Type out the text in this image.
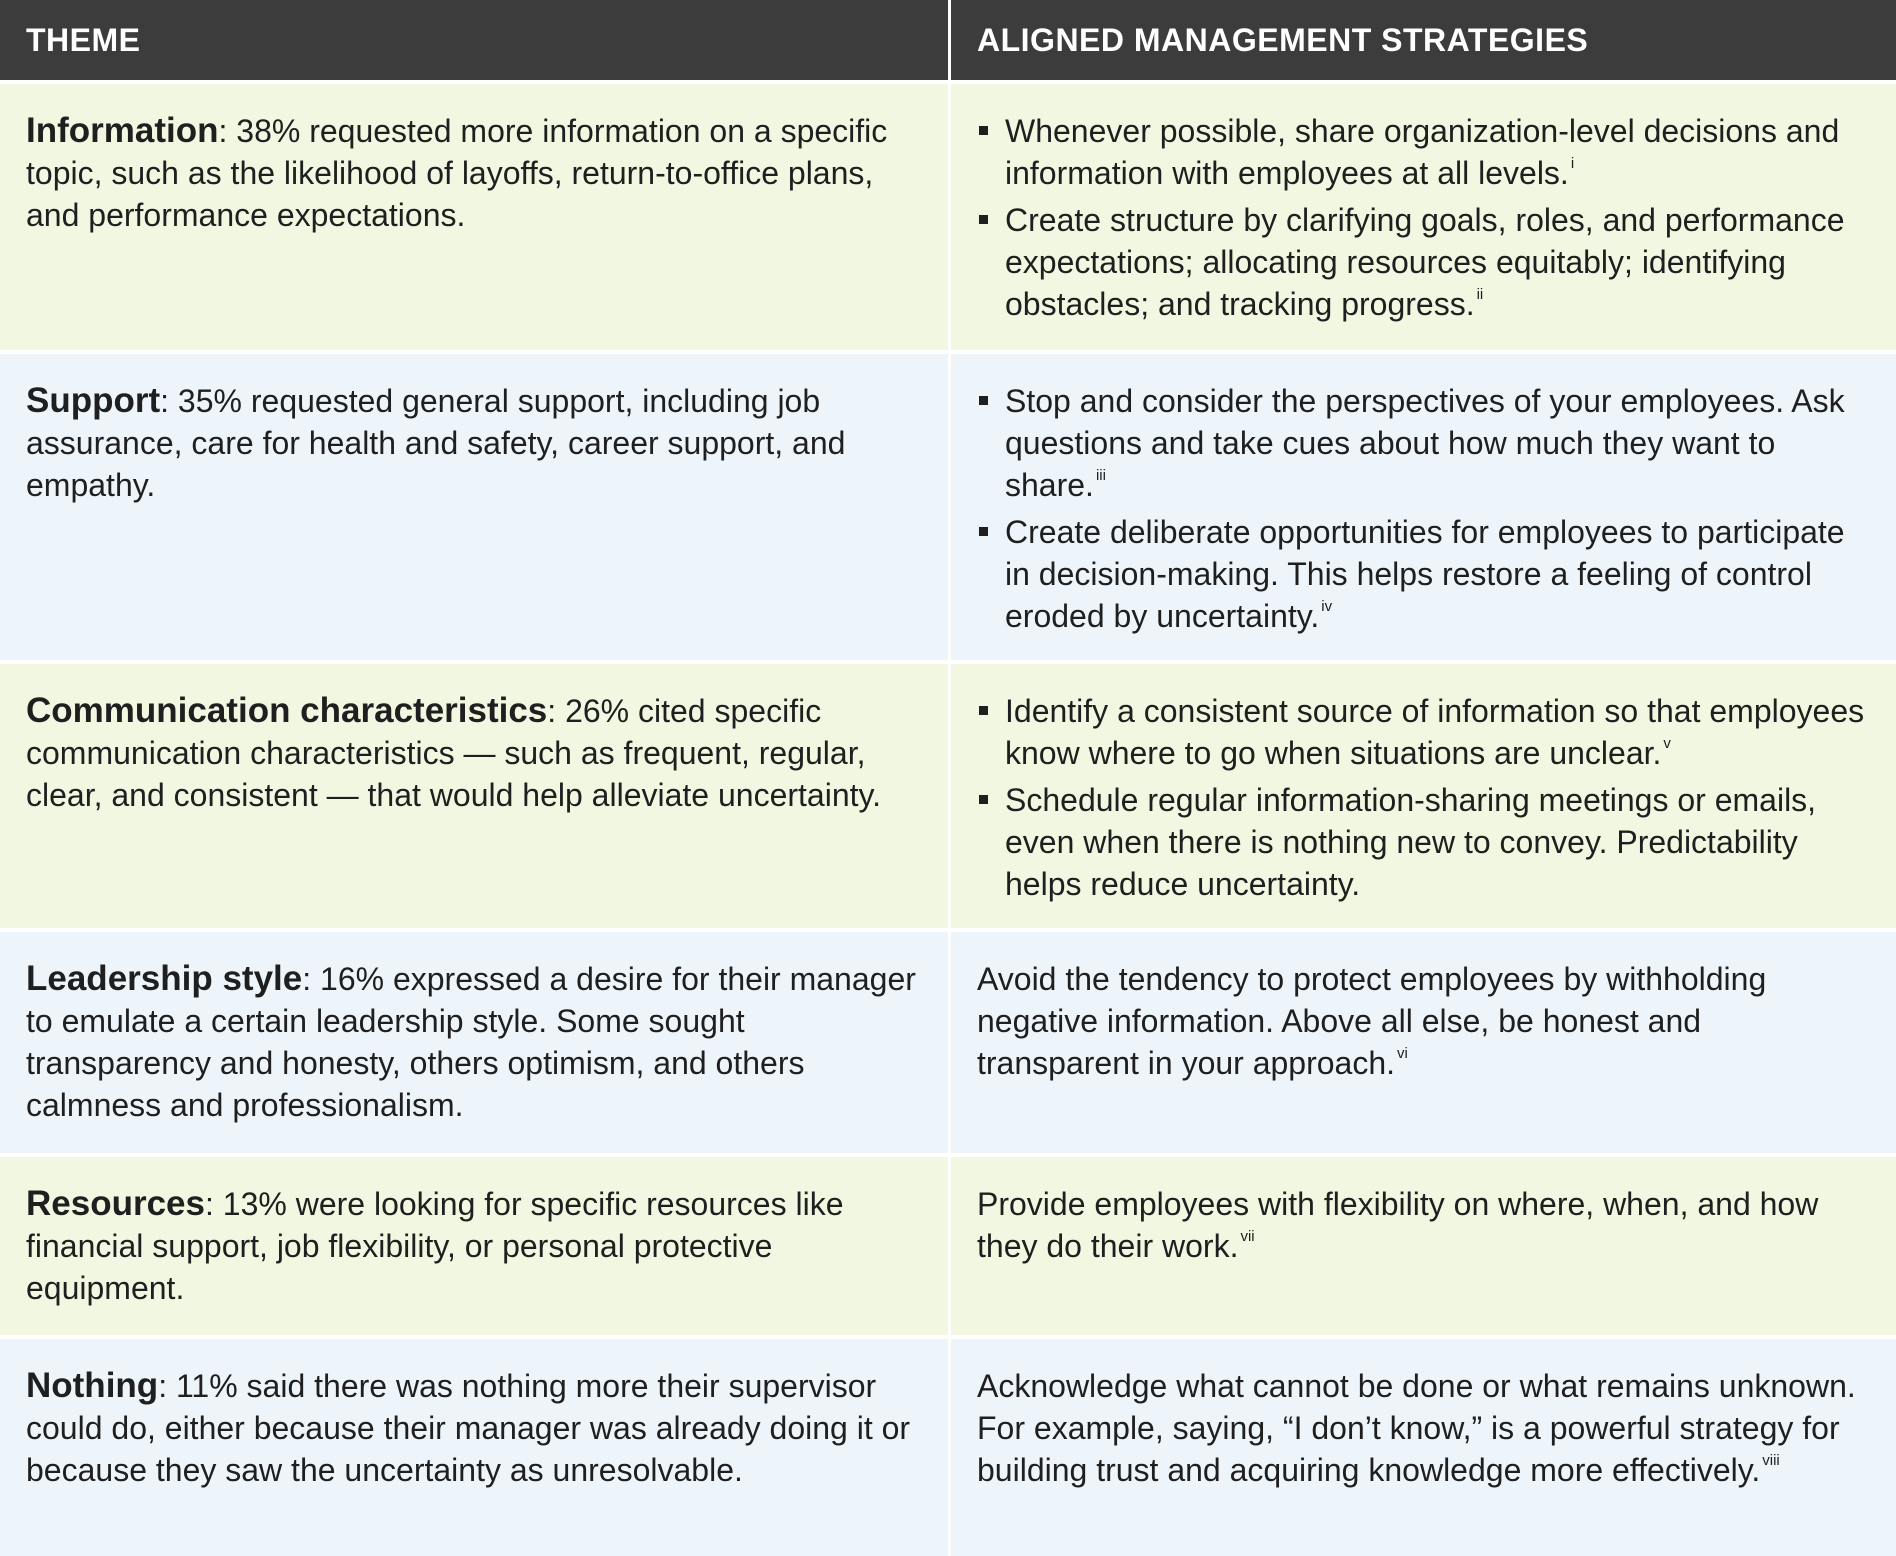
THEME	ALIGNED MANAGEMENT STRATEGIES
Information: 38% requested more information on a specific topic, such as the likelihood of layoffs, return-to-office plans, and performance expectations.
Whenever possible, share organization-level decisions and information with employees at all levels. $^i$
Create structure by clarifying goals, roles, and performance expectations; allocating resources equitably; identifying obstacles; and tracking progress. $^{ii}$
Support: 35% requested general support, including job assurance, care for health and safety, career support, and empathy.
Stop and consider the perspectives of your employees. Ask questions and take cues about how much they want to share. $^{iii}$
Create deliberate opportunities for employees to participate in decision-making. This helps restore a feeling of control eroded by uncertainty. $^{iv}$
Communication characteristics: 26% cited specific communication characteristics — such as frequent, regular, clear, and consistent — that would help alleviate uncertainty.
Identify a consistent source of information so that employees know where to go when situations are unclear. $^v$
Schedule regular information-sharing meetings or emails, even when there is nothing new to convey. Predictability helps reduce uncertainty.
Leadership style: 16% expressed a desire for their manager to emulate a certain leadership style. Some sought transparency and honesty, others optimism, and others calmness and professionalism.
Avoid the tendency to protect employees by withholding negative information. Above all else, be honest and transparent in your approach. $^{vi}$
Resources: 13% were looking for specific resources like financial support, job flexibility, or personal protective equipment.
Provide employees with flexibility on where, when, and how they do their work. $^{vii}$
Nothing: 11% said there was nothing more their supervisor could do, either because their manager was already doing it or because they saw the uncertainty as unresolvable.
Acknowledge what cannot be done or what remains unknown. For example, saying, “I don’t know,” is a powerful strategy for building trust and acquiring knowledge more effectively. $^{viii}$
